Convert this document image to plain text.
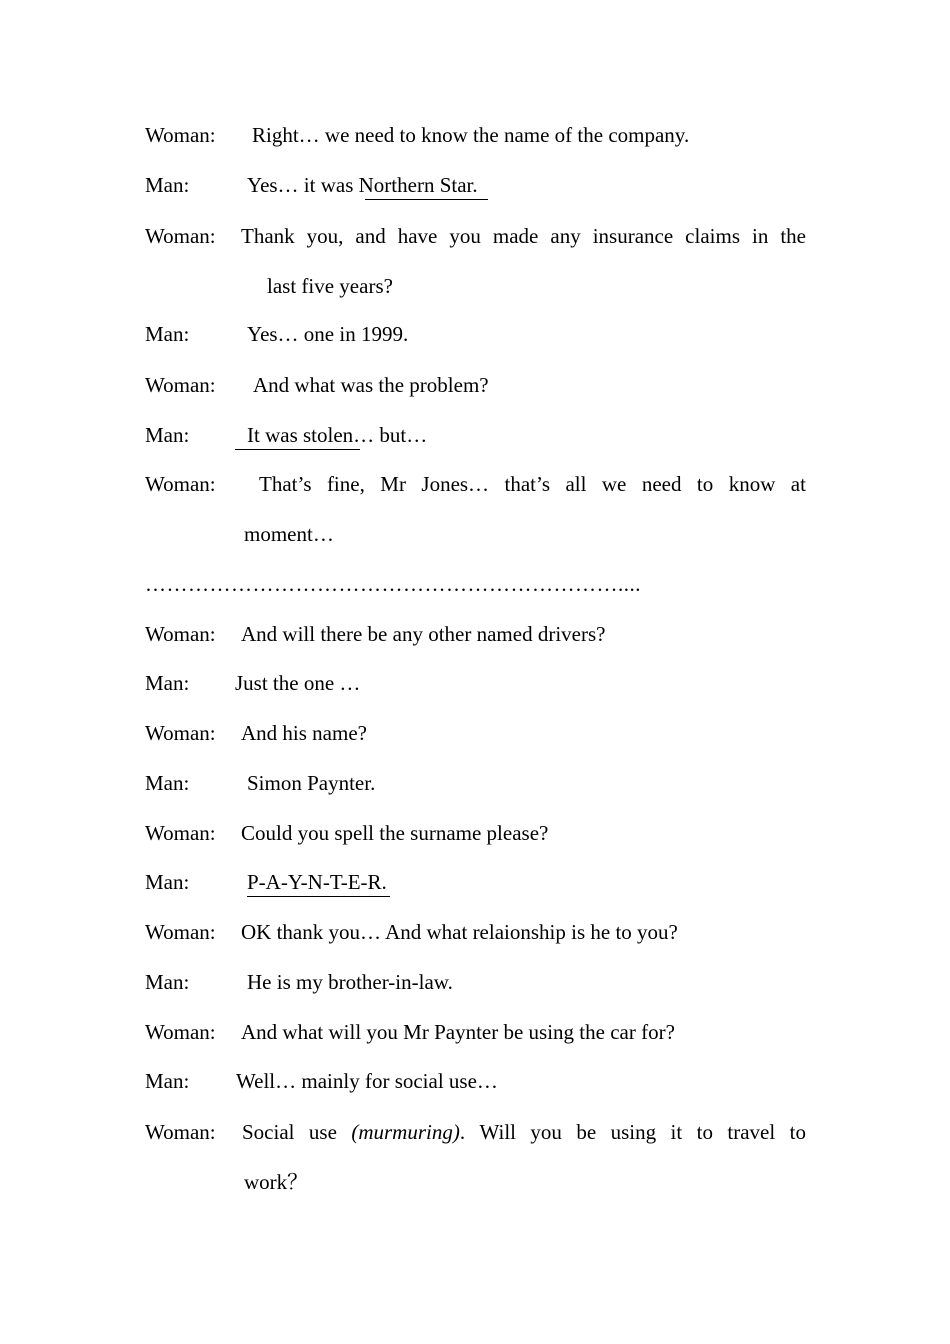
Woman: Right… we need to know the name of the company.
Man:	Yes… it was Northern Star.
Woman: Thank you, and have you made any insurance claims in the
last five years?
Man:	Yes… one in 1999.
Woman: And what was the problem?
Man:	It was stolen… but…
Woman: That’s fine, Mr Jones… that’s all we need to know at
moment…
…………………………………………………………....
Woman: And will there be any other named drivers?
Man: Just the one …
Woman: And his name?
Man:	Simon Paynter.
Woman: Could you spell the surname please?
Man:	P-A-Y-N-T-E-R.
Woman: OK thank you… And what relaionship is he to you?
Man:	He is my brother-in-law.
Woman: And what will you Mr Paynter be using the car for?
Man: Well… mainly for social use…
Woman: Social use (murmuring). Will you be using it to travel to
work？
